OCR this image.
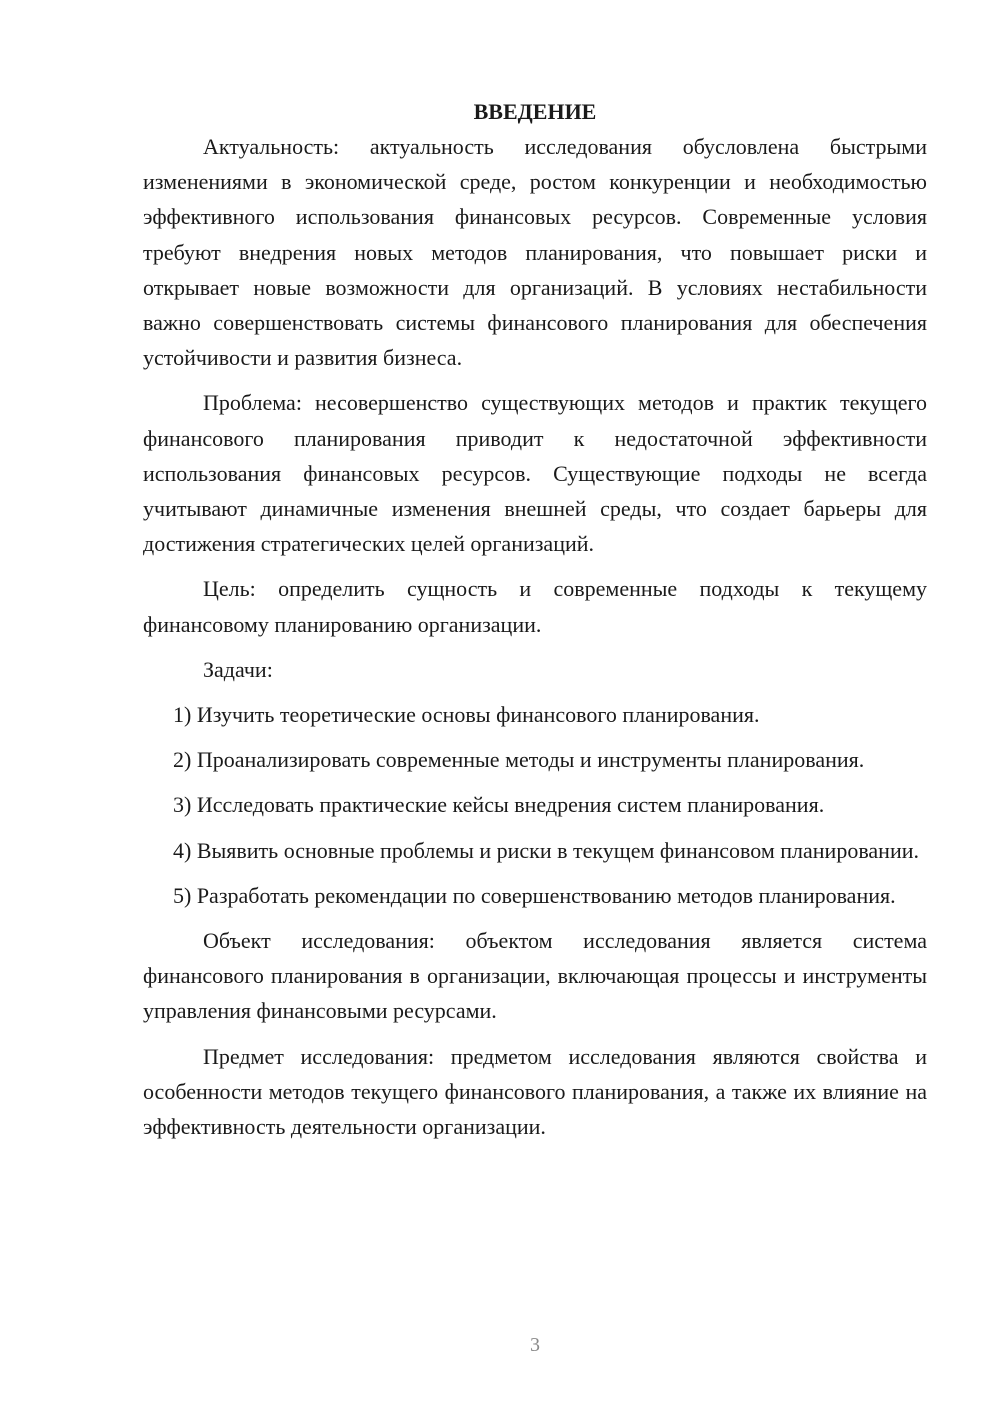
ВВЕДЕНИЕ

Актуальность: актуальность исследования обусловлена быстрыми изменениями в экономической среде, ростом конкуренции и необходимостью эффективного использования финансовых ресурсов. Современные условия требуют внедрения новых методов планирования, что повышает риски и открывает новые возможности для организаций. В условиях нестабильности важно совершенствовать системы финансового планирования для обеспечения устойчивости и развития бизнеса.

Проблема: несовершенство существующих методов и практик текущего финансового планирования приводит к недостаточной эффективности использования финансовых ресурсов. Существующие подходы не всегда учитывают динамичные изменения внешней среды, что создает барьеры для достижения стратегических целей организаций.

Цель: определить сущность и современные подходы к текущему финансовому планированию организации.

Задачи:

1) Изучить теоретические основы финансового планирования.

2) Проанализировать современные методы и инструменты планирования.

3) Исследовать практические кейсы внедрения систем планирования.

4) Выявить основные проблемы и риски в текущем финансовом планировании.

5) Разработать рекомендации по совершенствованию методов планирования.

Объект исследования: объектом исследования является система финансового планирования в организации, включающая процессы и инструменты управления финансовыми ресурсами.

Предмет исследования: предметом исследования являются свойства и особенности методов текущего финансового планирования, а также их влияние на эффективность деятельности организации.

3
